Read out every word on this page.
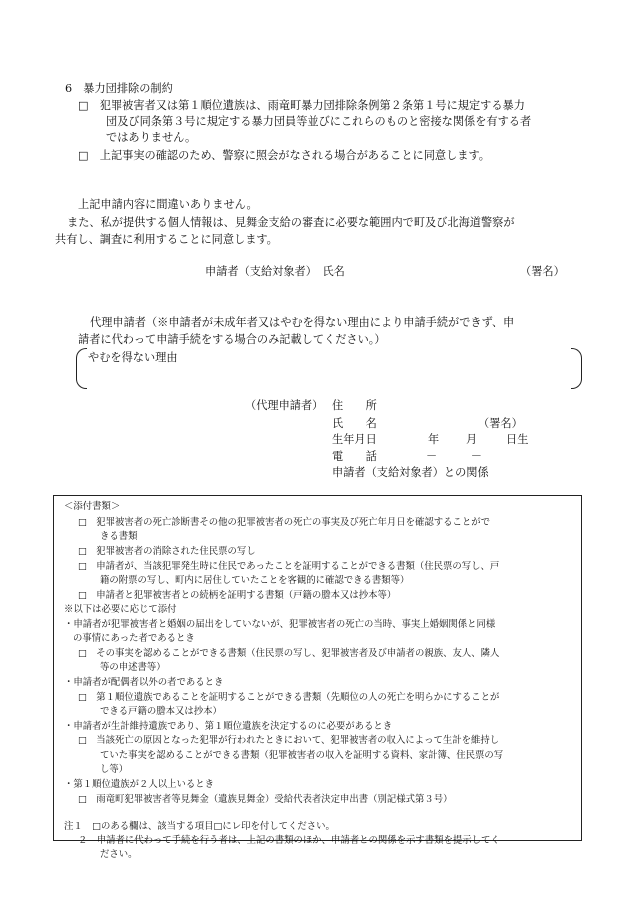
6　暴力団排除の制約
□　犯罪被害者又は第１順位遺族は、雨竜町暴力団排除条例第２条第１号に規定する暴力
団及び同条第３号に規定する暴力団員等並びにこれらのものと密接な関係を有する者
ではありません。
□　上記事実の確認のため、警察に照会がなされる場合があることに同意します。
上記申請内容に間違いありません。
また、私が提供する個人情報は、見舞金支給の審査に必要な範囲内で町及び北海道警察が
共有し、調査に利用することに同意します。
申請者（支給対象者）　氏名	（署名）
代理申請者（※申請者が未成年者又はやむを得ない理由により申請手続ができず、申
請者に代わって申請手続をする場合のみ記載してください。）
やむを得ない理由
（代理申請者） 住　　所
氏　　名	（署名）
生年月日	年 月	日生
電　　話	－　　　－
申請者（支給対象者）との関係
＜添付書類＞
□　犯罪被害者の死亡診断書その他の犯罪被害者の死亡の事実及び死亡年月日を確認することがで
きる書類
□　犯罪被害者の消除された住民票の写し
□　申請者が、当該犯罪発生時に住民であったことを証明することができる書類（住民票の写し、戸
籍の附票の写し、町内に居住していたことを客観的に確認できる書類等）
□　申請者と犯罪被害者との続柄を証明する書類（戸籍の謄本又は抄本等）
※以下は必要に応じて添付
・申請者が犯罪被害者と婚姻の届出をしていないが、犯罪被害者の死亡の当時、事実上婚姻関係と同様
の事情にあった者であるとき
□　その事実を認めることができる書類（住民票の写し、犯罪被害者及び申請者の親族、友人、隣人
等の申述書等）
・申請者が配偶者以外の者であるとき
□　第１順位遺族であることを証明することができる書類（先順位の人の死亡を明らかにすることが
できる戸籍の謄本又は抄本）
・申請者が生計維持遺族であり、第１順位遺族を決定するのに必要があるとき
□　当該死亡の原因となった犯罪が行われたときにおいて、犯罪被害者の収入によって生計を維持し
ていた事実を認めることができる書類（犯罪被害者の収入を証明する資料、家計簿、住民票の写
し等）
・第１順位遺族が２人以上いるとき
□　雨竜町犯罪被害者等見舞金（遺族見舞金）受給代表者決定申出書（別記様式第３号）
注１　□のある欄は、該当する項目□にレ印を付してください。
２　申請者に代わって手続を行う者は、上記の書類のほか、申請者との関係を示す書類を提示してく
ださい。
